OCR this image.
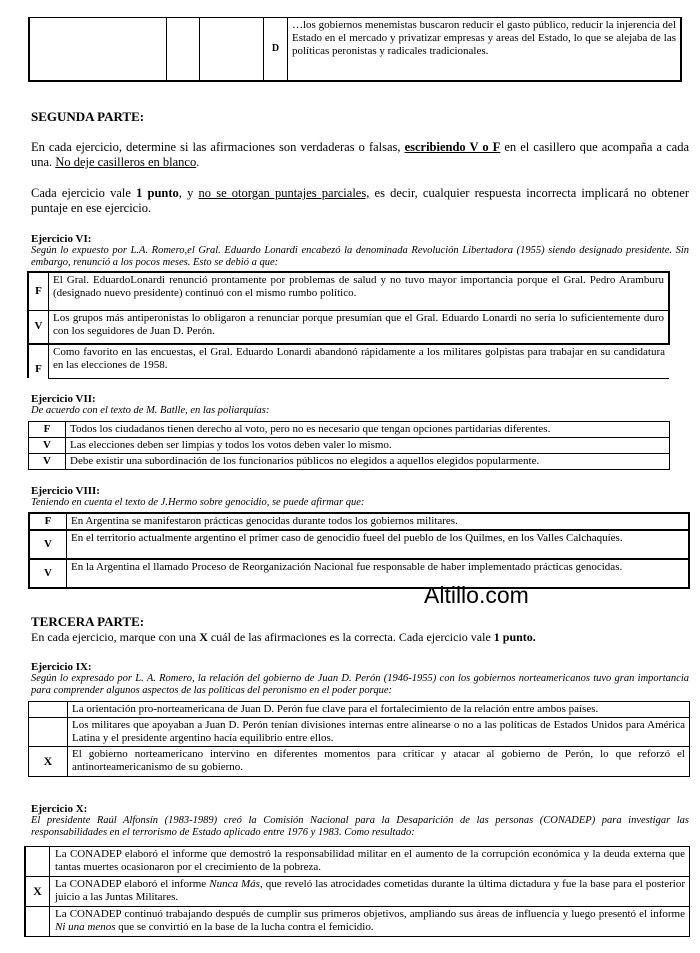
			D	…los gobiernos menemistas buscaron reducir el gasto público, reducir la injerencia del Estado en el mercado y privatizar empresas y areas del Estado, lo que se alejaba de las políticas peronistas y radicales tradicionales.
SEGUNDA PARTE:
En cada ejercicio, determine si las afirmaciones son verdaderas o falsas, escribiendo V o F en el casillero que acompaña a cada una. No deje casilleros en blanco.
Cada ejercicio vale 1 punto, y no se otorgan puntajes parciales, es decir, cualquier respuesta incorrecta implicará no obtener puntaje en ese ejercicio.
Ejercicio VI:
Según lo expuesto por L.A. Romero,el Gral. Eduardo Lonardi encabezó la denominada Revolución Libertadora (1955) siendo designado presidente. Sin embargo, renunció a los pocos meses. Esto se debió a que:
F	El Gral. EduardoLonardi renunció prontamente por problemas de salud y no tuvo mayor importancia porque el Gral. Pedro Aramburu (designado nuevo presidente) continuó con el mismo rumbo político.
V	Los grupos más antiperonistas lo obligaron a renunciar porque presumían que el Gral. Eduardo Lonardi no sería lo suficientemente duro con los seguidores de Juan D. Perón.
F	Como favorito en las encuestas, el Gral. Eduardo Lonardi abandonó rápidamente a los militares golpistas para trabajar en su candidatura en las elecciones de 1958.
Ejercicio VII:
De acuerdo con el texto de M. Batlle, en las poliarquías:
F	Todos los ciudadanos tienen derecho al voto, pero no es necesario que tengan opciones partidarias diferentes.
V	Las elecciones deben ser limpias y todos los votos deben valer lo mismo.
V	Debe existir una subordinación de los funcionarios públicos no elegidos a aquellos elegidos popularmente.
Ejercicio VIII:
Teniendo en cuenta el texto de J.Hermo sobre genocidio, se puede afirmar que:
F	En Argentina se manifestaron prácticas genocidas durante todos los gobiernos militares.
V	En el territorio actualmente argentino el primer caso de genocidio fueel del pueblo de los Quilmes, en los Valles Calchaquíes.
V	En la Argentina el llamado Proceso de Reorganización Nacional fue responsable de haber implementado prácticas genocidas.
Altillo.com
TERCERA PARTE:
En cada ejercicio, marque con una X cuál de las afirmaciones es la correcta. Cada ejercicio vale 1 punto.
Ejercicio IX:
Según lo expresado por L. A. Romero, la relación del gobierno de Juan D. Perón (1946-1955) con los gobiernos norteamericanos tuvo gran importancia para comprender algunos aspectos de las políticas del peronismo en el poder porque:
	La orientación pro-norteamericana de Juan D. Perón fue clave para el fortalecimiento de la relación entre ambos países.
	Los militares que apoyaban a Juan D. Perón tenían divisiones internas entre alinearse o no a las políticas de Estados Unidos para América Latina y el presidente argentino hacía equilibrio entre ellos.
X	El gobierno norteamericano intervino en diferentes momentos para criticar y atacar al gobierno de Perón, lo que reforzó el antinorteamericanismo de su gobierno.
Ejercicio X:
El presidente Raúl Alfonsín (1983-1989) creó la Comisión Nacional para la Desaparición de las personas (CONADEP) para investigar las responsabilidades en el terrorismo de Estado aplicado entre 1976 y 1983. Como resultado:
	La CONADEP elaboró el informe que demostró la responsabilidad militar en el aumento de la corrupción económica y la deuda externa que tantas muertes ocasionaron por el crecimiento de la pobreza.
X	La CONADEP elaboró el informe Nunca Más, que reveló las atrocidades cometidas durante la última dictadura y fue la base para el posterior juicio a las Juntas Militares.
	La CONADEP continuó trabajando después de cumplir sus primeros objetivos, ampliando sus áreas de influencia y luego presentó el informe Ni una menos que se convirtió en la base de la lucha contra el femicidio.
